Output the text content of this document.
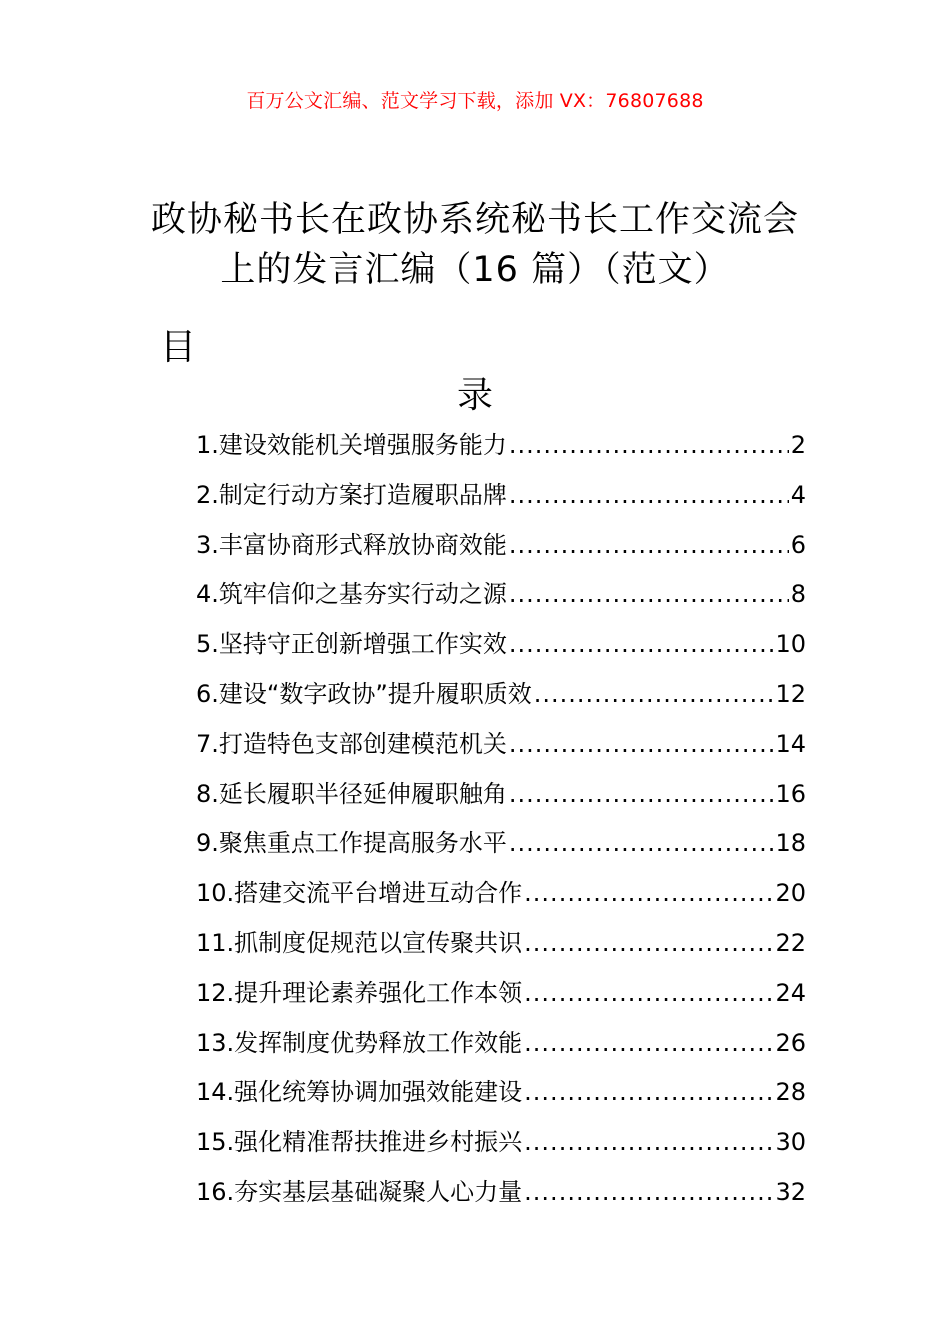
百万公文汇编、范文学习下载，添加 VX：76807688
政协秘书长在政协系统秘书长工作交流会
上的发言汇编（16 篇）（范文）
目
录
1.建设效能机关增强服务能力 .....	2
2.制定行动方案打造履职品牌 .....	4
3.丰富协商形式释放协商效能 .....	6
4.筑牢信仰之基夯实行动之源 .....	8
5.坚持守正创新增强工作实效 .....	10
6.建设“数字政协”提升履职质效 .....	12
7.打造特色支部创建模范机关 .....	14
8.延长履职半径延伸履职触角 .....	16
9.聚焦重点工作提高服务水平 .....	18
10.搭建交流平台增进互动合作 .....	20
11.抓制度促规范以宣传聚共识 .....	22
12.提升理论素养强化工作本领 .....	24
13.发挥制度优势释放工作效能 .....	26
14.强化统筹协调加强效能建设 .....	28
15.强化精准帮扶推进乡村振兴 .....	30
16.夯实基层基础凝聚人心力量 .....	32
